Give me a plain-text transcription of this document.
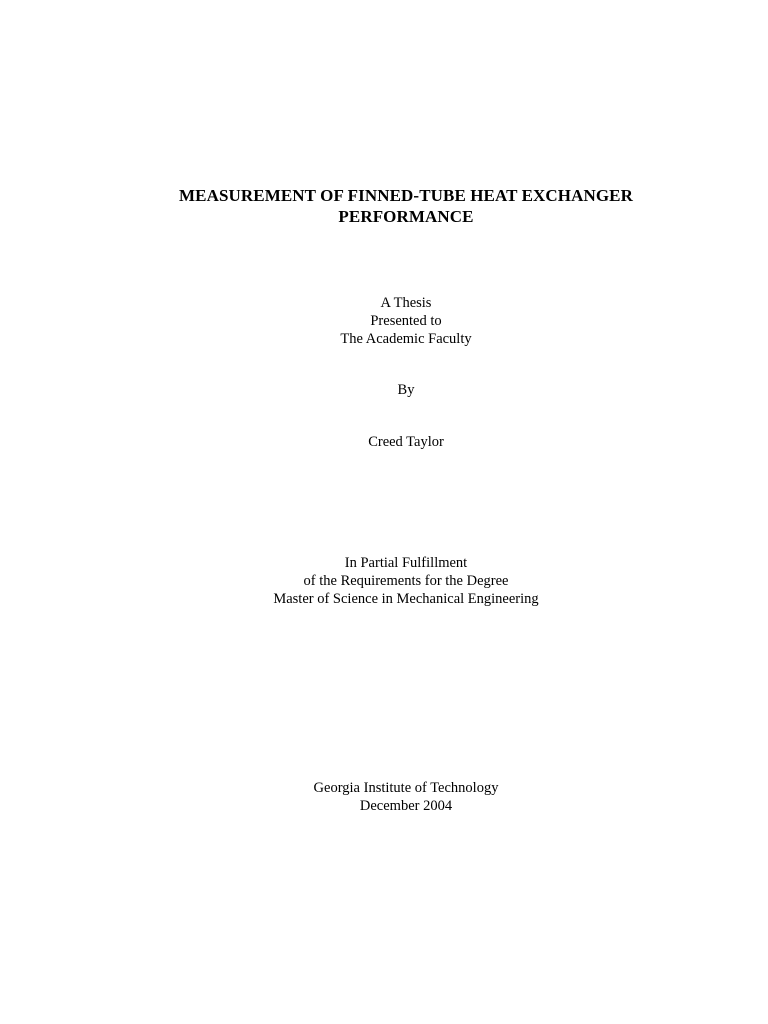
MEASUREMENT OF FINNED-TUBE HEAT EXCHANGER
PERFORMANCE
A Thesis
Presented to
The Academic Faculty
By
Creed Taylor
In Partial Fulfillment
of the Requirements for the Degree
Master of Science in Mechanical Engineering
Georgia Institute of Technology
December 2004
